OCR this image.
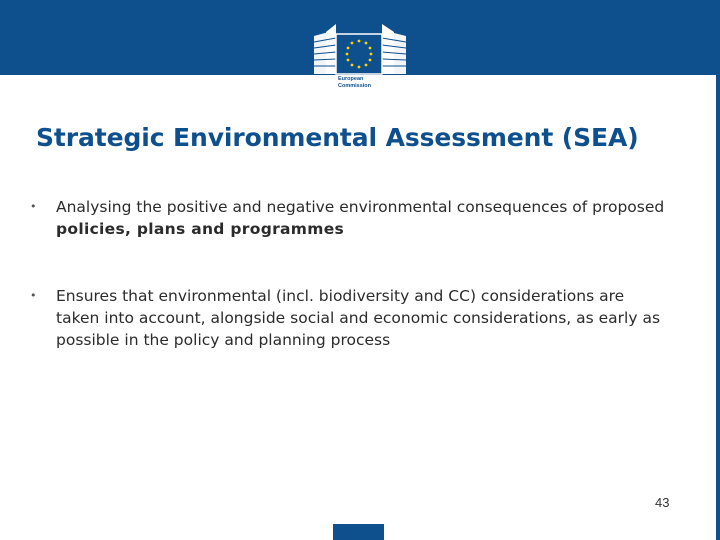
European
Commission
Strategic Environmental Assessment (SEA)
• Analysing the positive and negative environmental consequences of proposed policies, plans and programmes
• Ensures that environmental (incl. biodiversity and CC) considerations are taken into account, alongside social and economic considerations, as early as possible in the policy and planning process
43
